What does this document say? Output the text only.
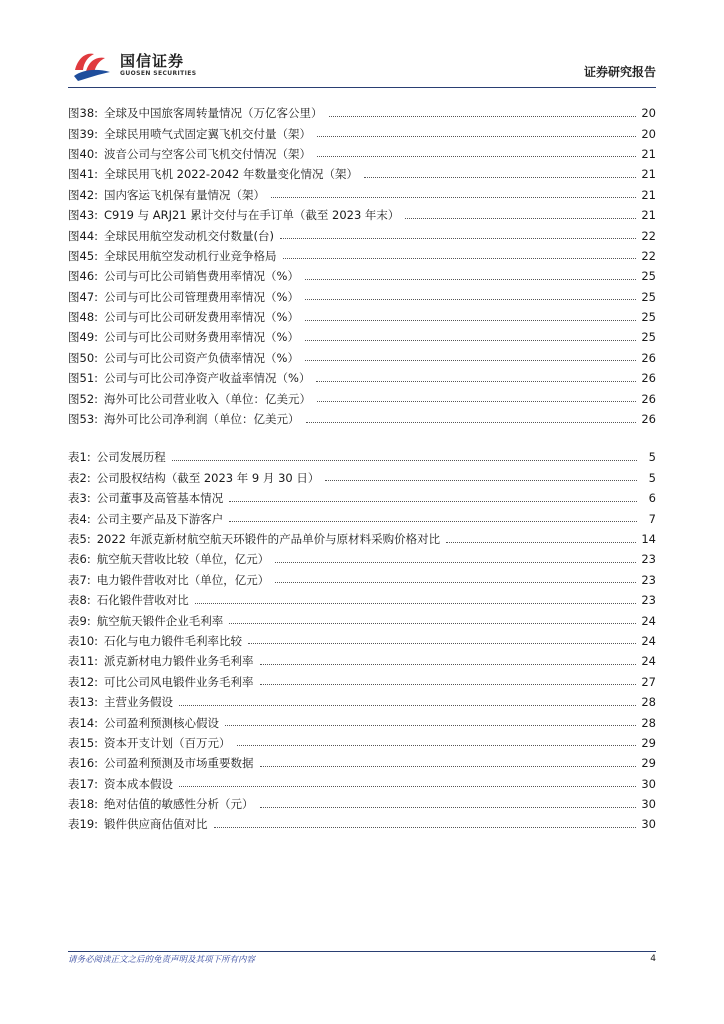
国信证券
GUOSEN SECURITIES	证券研究报告
图38: 全球及中国旅客周转量情况（万亿客公里）	20
图39: 全球民用喷气式固定翼飞机交付量（架）	20
图40: 波音公司与空客公司飞机交付情况（架）	21
图41: 全球民用飞机 2022-2042 年数量变化情况（架）	21
图42: 国内客运飞机保有量情况（架）	21
图43: C919 与 ARJ21 累计交付与在手订单（截至 2023 年末）	21
图44: 全球民用航空发动机交付数量(台)	22
图45: 全球民用航空发动机行业竞争格局	22
图46: 公司与可比公司销售费用率情况（%）	25
图47: 公司与可比公司管理费用率情况（%）	25
图48: 公司与可比公司研发费用率情况（%）	25
图49: 公司与可比公司财务费用率情况（%）	25
图50: 公司与可比公司资产负债率情况（%）	26
图51: 公司与可比公司净资产收益率情况（%）	26
图52: 海外可比公司营业收入（单位：亿美元）	26
图53: 海外可比公司净利润（单位：亿美元）	26
表1: 公司发展历程	5
表2: 公司股权结构（截至 2023 年 9 月 30 日）	5
表3: 公司董事及高管基本情况	6
表4: 公司主要产品及下游客户	7
表5: 2022 年派克新材航空航天环锻件的产品单价与原材料采购价格对比	14
表6: 航空航天营收比较（单位，亿元）	23
表7: 电力锻件营收对比（单位，亿元）	23
表8: 石化锻件营收对比	23
表9: 航空航天锻件企业毛利率	24
表10: 石化与电力锻件毛利率比较	24
表11: 派克新材电力锻件业务毛利率	24
表12: 可比公司风电锻件业务毛利率	27
表13: 主营业务假设	28
表14: 公司盈利预测核心假设	28
表15: 资本开支计划（百万元）	29
表16: 公司盈利预测及市场重要数据	29
表17: 资本成本假设	30
表18: 绝对估值的敏感性分析（元）	30
表19: 锻件供应商估值对比	30
请务必阅读正文之后的免责声明及其项下所有内容	4
